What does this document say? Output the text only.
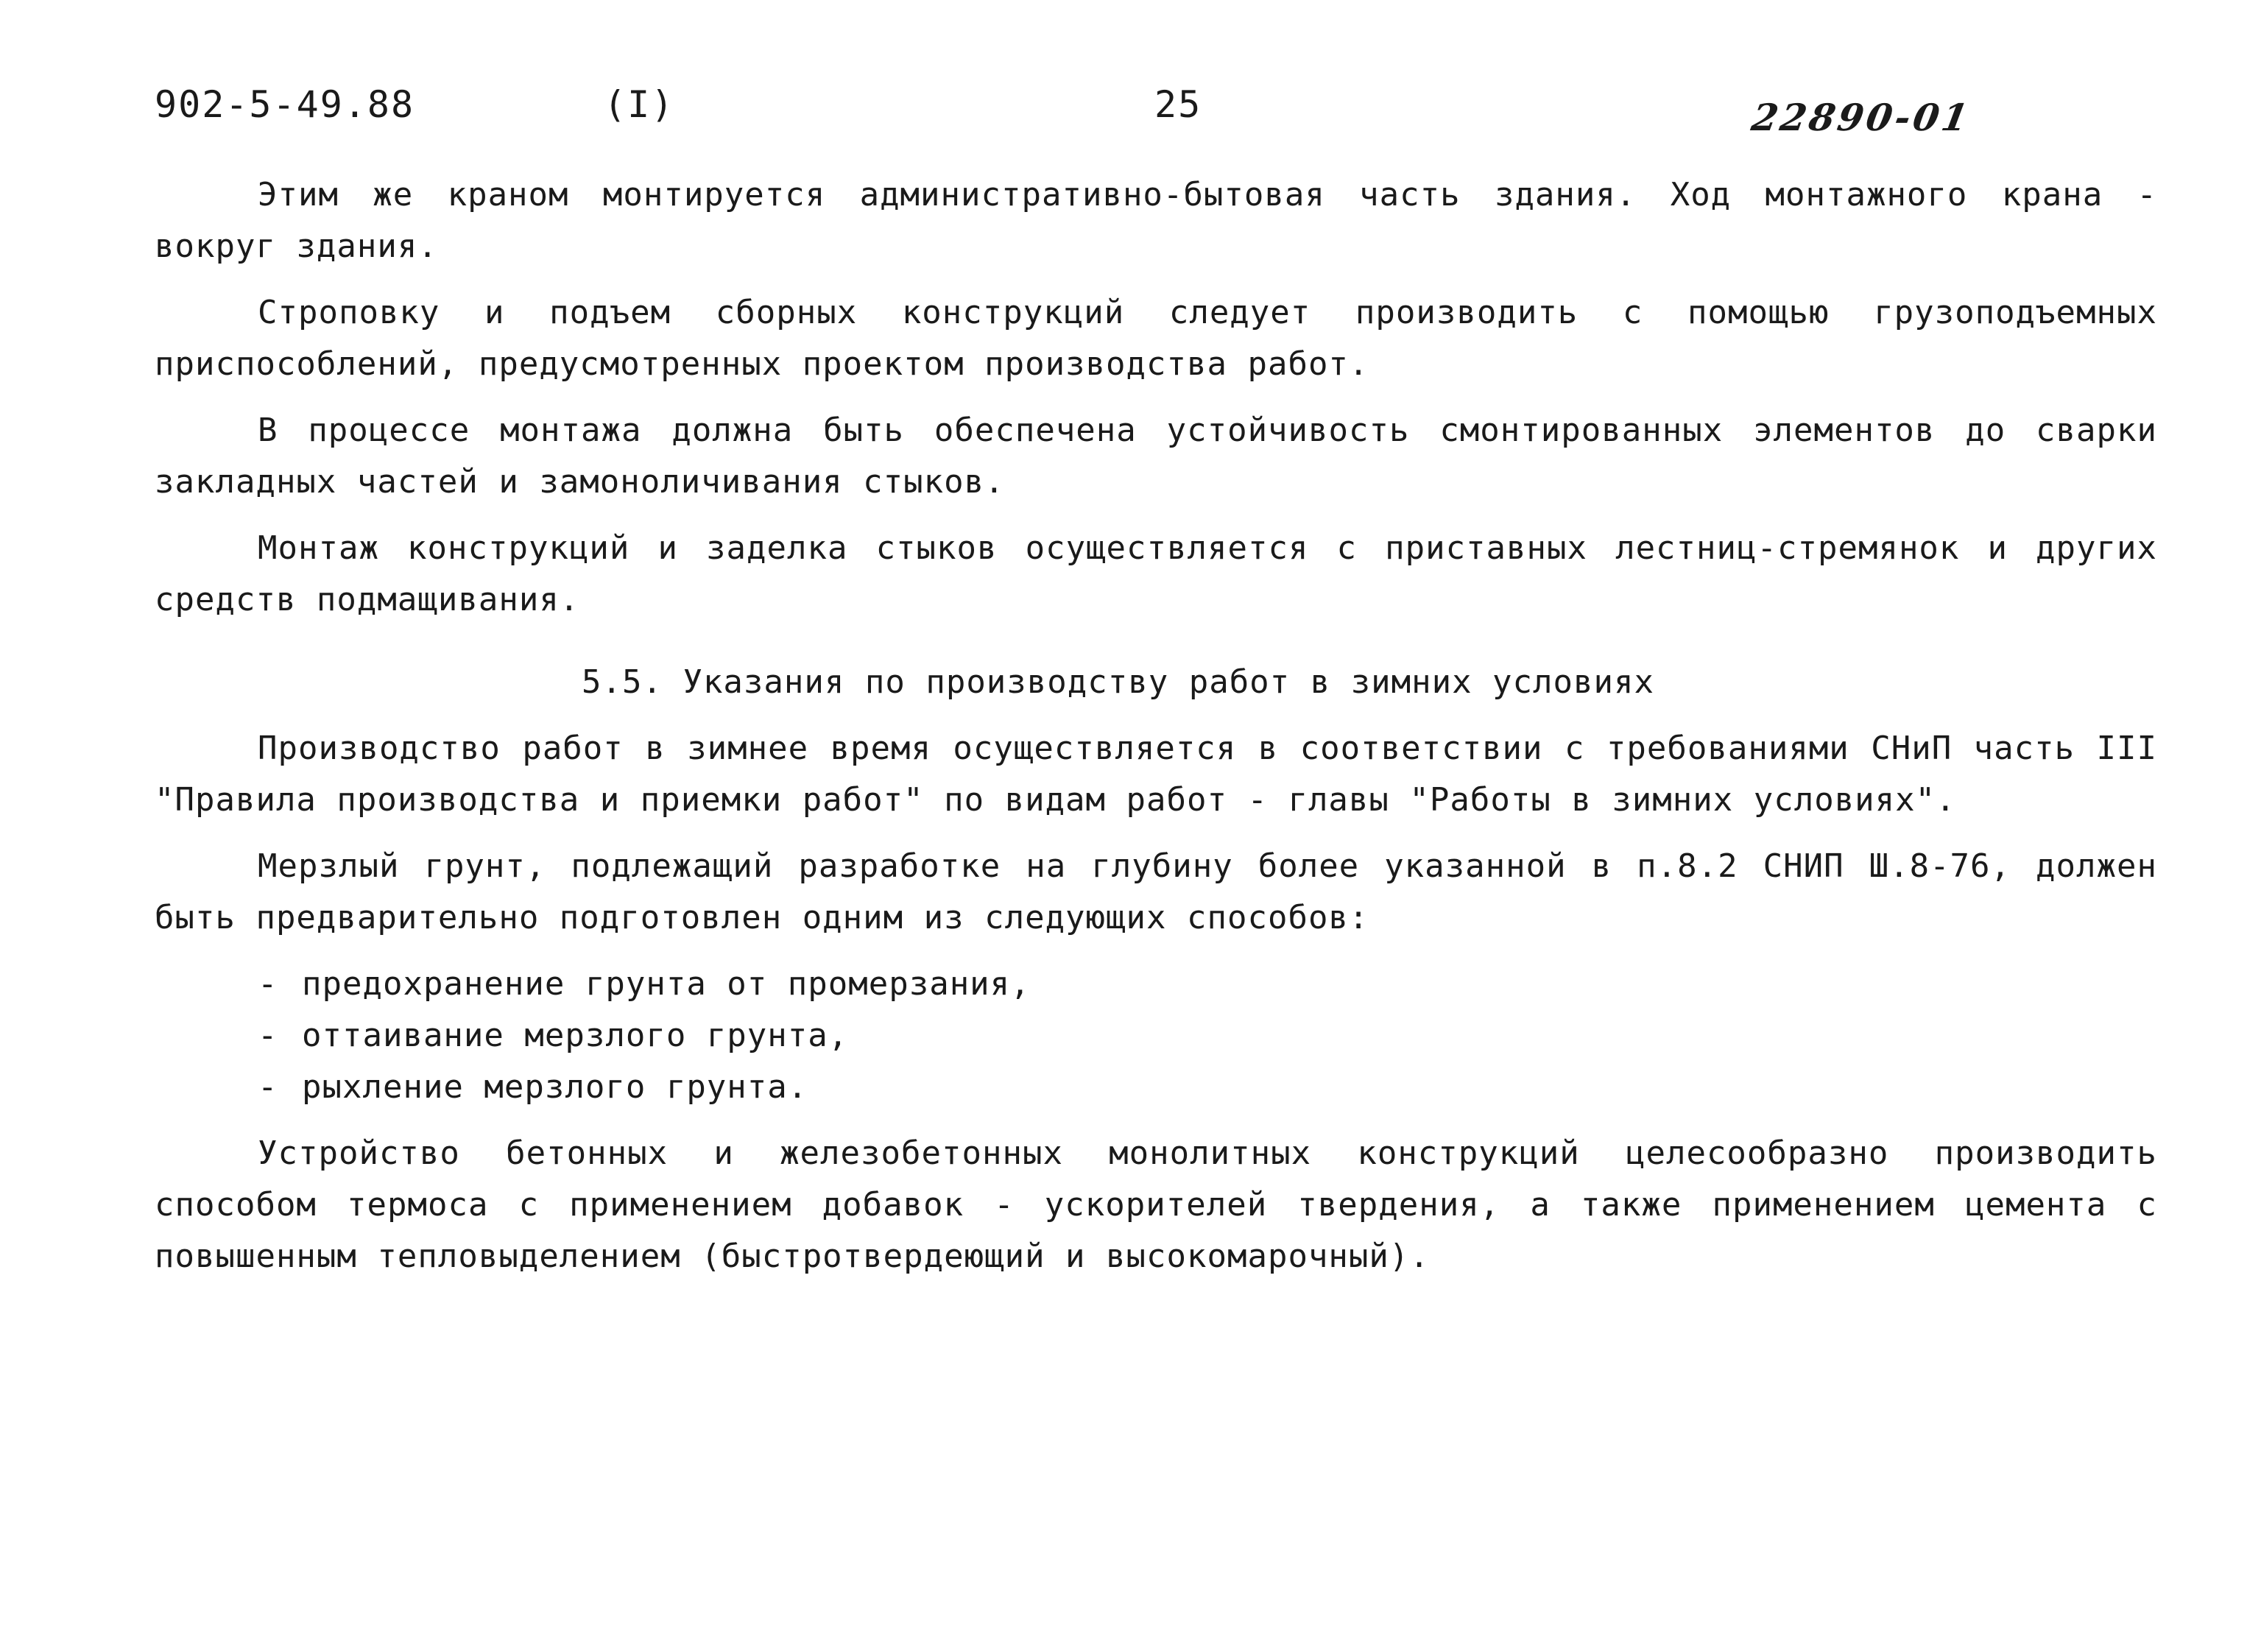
902-5-49.88	(I)	25	22890-01

Этим же краном монтируется административно-бытовая часть здания. Ход монтажного крана - вокруг здания.

Строповку и подъем сборных конструкций следует производить с помощью грузоподъемных приспособлений, предусмотренных проектом производства работ.

В процессе монтажа должна быть обеспечена устойчивость смонтированных элементов до сварки закладных частей и замоноличивания стыков.

Монтаж конструкций и заделка стыков осуществляется с приставных лестниц-стремянок и других средств подмащивания.

5.5. Указания по производству работ в зимних условиях

Производство работ в зимнее время осуществляется в соответствии с требованиями СНиП часть III "Правила производства и приемки работ" по видам работ - главы "Работы в зимних условиях".

Мерзлый грунт, подлежащий разработке на глубину более указанной в п.8.2 СНИП Ш.8-76, должен быть предварительно подготовлен одним из следующих способов:

- предохранение грунта от промерзания,
- оттаивание мерзлого грунта,
- рыхление мерзлого грунта.

Устройство бетонных и железобетонных монолитных конструкций целесообразно производить способом термоса с применением добавок - ускорителей твердения, а также применением цемента с повышенным тепловыделением (быстротвердеющий и высокомарочный).
